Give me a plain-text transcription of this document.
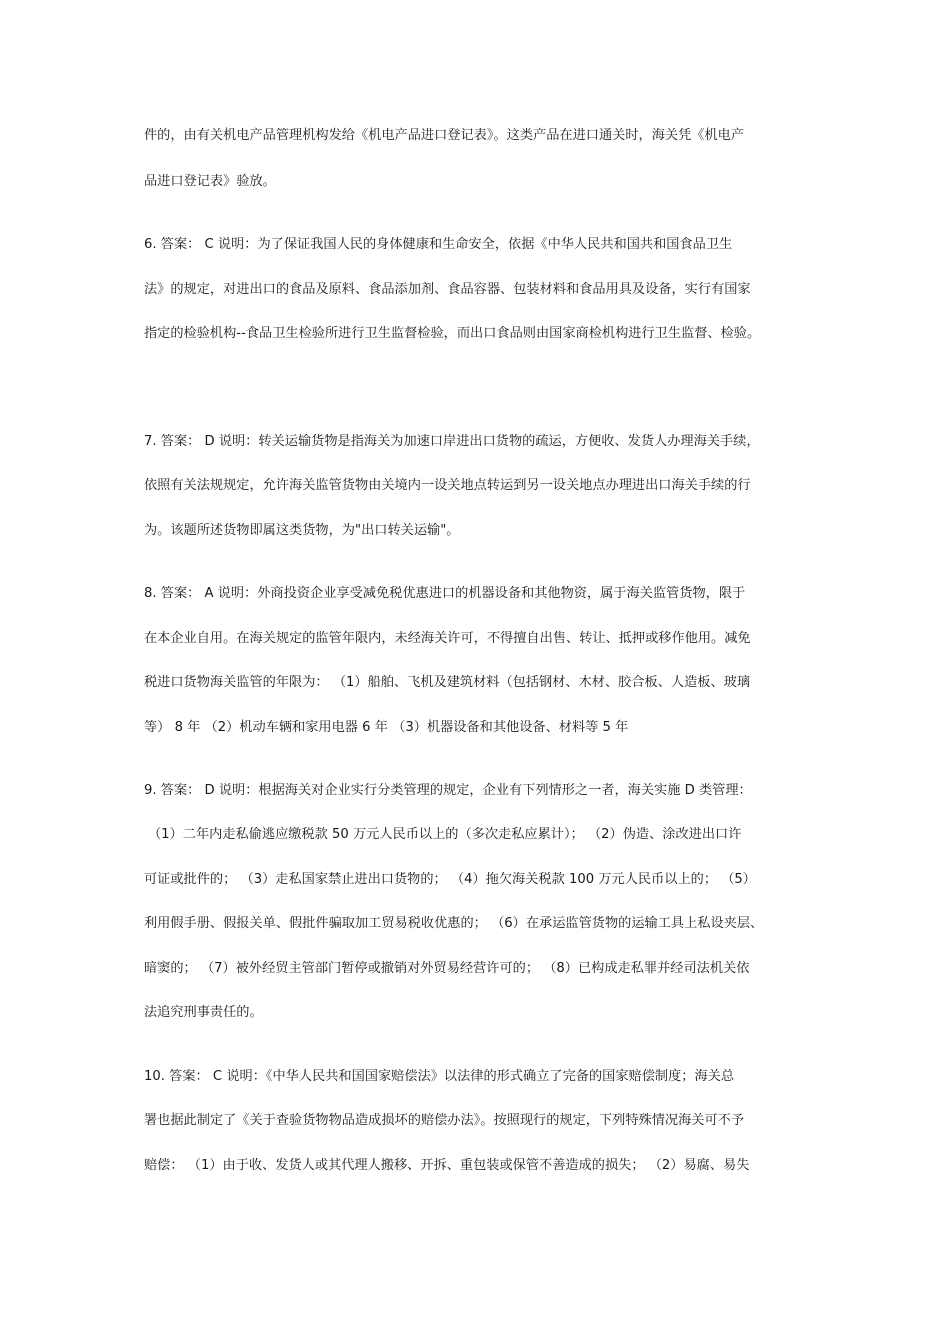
件的，由有关机电产品管理机构发给《机电产品进口登记表》。这类产品在进口通关时，海关凭《机电产
品进口登记表》验放。
6. 答案： C 说明：为了保证我国人民的身体健康和生命安全，依据《中华人民共和国共和国食品卫生
法》的规定，对进出口的食品及原料、食品添加剂、食品容器、包装材料和食品用具及设备，实行有国家
指定的检验机构--食品卫生检验所进行卫生监督检验，而出口食品则由国家商检机构进行卫生监督、检验。
7. 答案： D 说明：转关运输货物是指海关为加速口岸进出口货物的疏运，方便收、发货人办理海关手续，
依照有关法规规定，允许海关监管货物由关境内一设关地点转运到另一设关地点办理进出口海关手续的行
为。该题所述货物即属这类货物，为"出口转关运输"。
8. 答案： A 说明：外商投资企业享受减免税优惠进口的机器设备和其他物资，属于海关监管货物，限于
在本企业自用。在海关规定的监管年限内，未经海关许可，不得擅自出售、转让、抵押或移作他用。减免
税进口货物海关监管的年限为： （1）船舶、飞机及建筑材料（包括钢材、木材、胶合板、人造板、玻璃
等） 8 年 （2）机动车辆和家用电器 6 年 （3）机器设备和其他设备、材料等 5 年
9. 答案： D 说明：根据海关对企业实行分类管理的规定，企业有下列情形之一者，海关实施 D 类管理：
（1）二年内走私偷逃应缴税款 50 万元人民币以上的（多次走私应累计）； （2）伪造、涂改进出口许
可证或批件的； （3）走私国家禁止进出口货物的； （4）拖欠海关税款 100 万元人民币以上的； （5）
利用假手册、假报关单、假批件骗取加工贸易税收优惠的； （6）在承运监管货物的运输工具上私设夹层、
暗窦的； （7）被外经贸主管部门暂停或撤销对外贸易经营许可的； （8）已构成走私罪并经司法机关依
法追究刑事责任的。
10. 答案： C 说明：《中华人民共和国国家赔偿法》以法律的形式确立了完备的国家赔偿制度；海关总
署也据此制定了《关于查验货物物品造成损坏的赔偿办法》。按照现行的规定，下列特殊情况海关可不予
赔偿： （1）由于收、发货人或其代理人搬移、开拆、重包装或保管不善造成的损失； （2）易腐、易失
